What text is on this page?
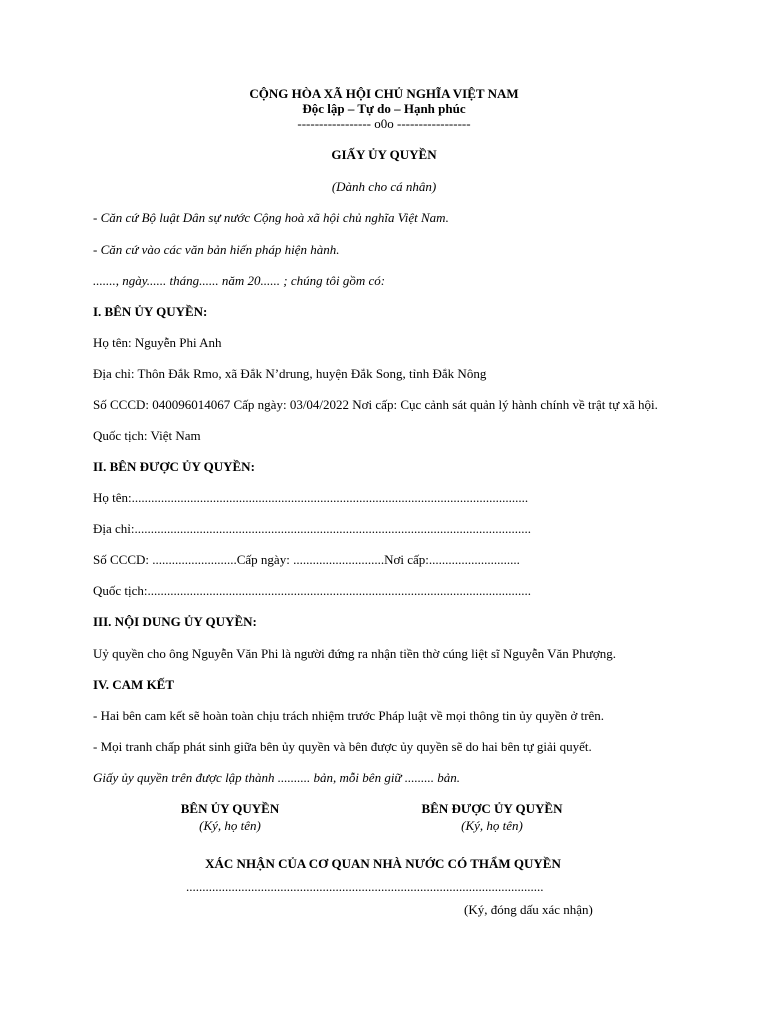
CỘNG HÒA XÃ HỘI CHỦ NGHĨA VIỆT NAM
Độc lập – Tự do – Hạnh phúc
----------------- o0o -----------------
GIẤY ỦY QUYỀN
(Dành cho cá nhân)
- Căn cứ Bộ luật Dân sự nước Cộng hoà xã hội chủ nghĩa Việt Nam.
- Căn cứ vào các văn bản hiến pháp hiện hành.
......., ngày...... tháng...... năm 20...... ; chúng tôi gồm có:
I. BÊN ỦY QUYỀN:
Họ tên: Nguyễn Phi Anh
Địa chỉ: Thôn Đắk Rmo, xã Đắk N’drung, huyện Đắk Song, tỉnh Đắk Nông
Số CCCD: 040096014067 Cấp ngày: 03/04/2022 Nơi cấp: Cục cảnh sát quản lý hành chính về trật tự xã hội.
Quốc tịch: Việt Nam
II. BÊN ĐƯỢC ỦY QUYỀN:
Họ tên:..........................................................................................................................
Địa chỉ:..........................................................................................................................
Số CCCD: ..........................Cấp ngày: ............................Nơi cấp:............................
Quốc tịch:......................................................................................................................
III. NỘI DUNG ỦY QUYỀN:
Uỷ quyền cho ông Nguyễn Văn Phi là người đứng ra nhận tiền thờ cúng liệt sĩ Nguyễn Văn Phượng.
IV. CAM KẾT
- Hai bên cam kết sẽ hoàn toàn chịu trách nhiệm trước Pháp luật về mọi thông tin ủy quyền ở trên.
- Mọi tranh chấp phát sinh giữa bên ủy quyền và bên được ủy quyền sẽ do hai bên tự giải quyết.
Giấy ủy quyền trên được lập thành .......... bản, mỗi bên giữ ......... bản.
BÊN ỦY QUYỀN
(Ký, họ tên)
BÊN ĐƯỢC ỦY QUYỀN
(Ký, họ tên)
XÁC NHẬN CỦA CƠ QUAN NHÀ NƯỚC CÓ THẨM QUYỀN
..............................................................................................................
(Ký, đóng dấu xác nhận)
